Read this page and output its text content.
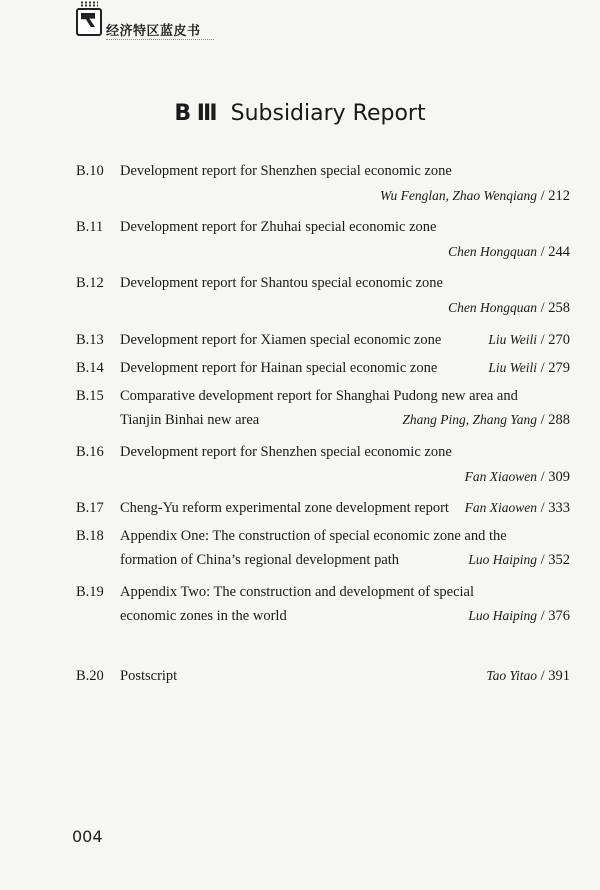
经济特区蓝皮书
B Ⅲ Subsidiary Report
B.10	Development report for Shenzhen special economic zone
Wu Fenglan, Zhao Wenqiang / 212
B.11	Development report for Zhuhai special economic zone
Chen Hongquan / 244
B.12	Development report for Shantou special economic zone
Chen Hongquan / 258
B.13	Development report for Xiamen special economic zone	Liu Weili / 270
B.14	Development report for Hainan special economic zone	Liu Weili / 279
B.15	Comparative development report for Shanghai Pudong new area and
Tianjin Binhai new area	Zhang Ping, Zhang Yang / 288
B.16	Development report for Shenzhen special economic zone
Fan Xiaowen / 309
B.17	Cheng-Yu reform experimental zone development report Fan Xiaowen / 333
B.18	Appendix One: The construction of special economic zone and the
formation of China’s regional development path	Luo Haiping / 352
B.19	Appendix Two: The construction and development of special
economic zones in the world	Luo Haiping / 376
B.20	Postscript	Tao Yitao / 391
004
